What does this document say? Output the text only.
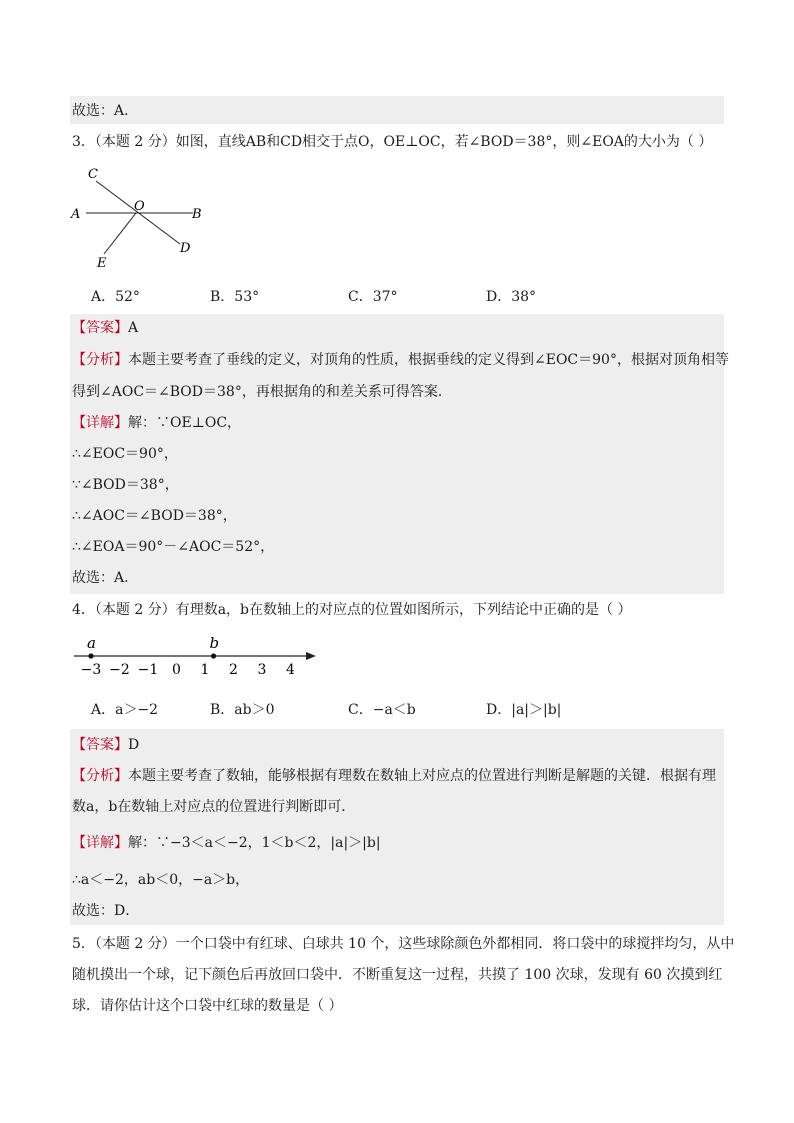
故选：A．
3．（本题 2 分）如图，直线AB和CD相交于点O，OE⊥OC，若∠BOD＝38°，则∠EOA的大小为（ ）
C
O
A	B
D
E
A．52°	B．53°	C．37°	D．38°
【答案】A
【分析】本题主要考查了垂线的定义，对顶角的性质，根据垂线的定义得到∠EOC＝90°，根据对顶角相等
得到∠AOC＝∠BOD＝38°，再根据角的和差关系可得答案．
【详解】解：∵OE⊥OC，
∴∠EOC＝90°，
∵∠BOD＝38°，
∴∠AOC＝∠BOD＝38°，
∴∠EOA＝90°－∠AOC＝52°，
故选：A．
4．（本题 2 分）有理数a，b在数轴上的对应点的位置如图所示，下列结论中正确的是（ ）
−3 −2 −1 0 1 2 3 4
a	b
A．a＞−2	B．ab＞0	C．−a＜b	D．|a|＞|b|
【答案】D
【分析】本题主要考查了数轴，能够根据有理数在数轴上对应点的位置进行判断是解题的关键．根据有理
数a，b在数轴上对应点的位置进行判断即可．
【详解】解：∵−3＜a＜−2，1＜b＜2，|a|＞|b|
∴a＜−2，ab＜0，−a＞b，
故选：D．
5．（本题 2 分）一个口袋中有红球、白球共 10 个，这些球除颜色外都相同．将口袋中的球搅拌均匀，从中
随机摸出一个球，记下颜色后再放回口袋中．不断重复这一过程，共摸了 100 次球，发现有 60 次摸到红
球．请你估计这个口袋中红球的数量是（ ）
